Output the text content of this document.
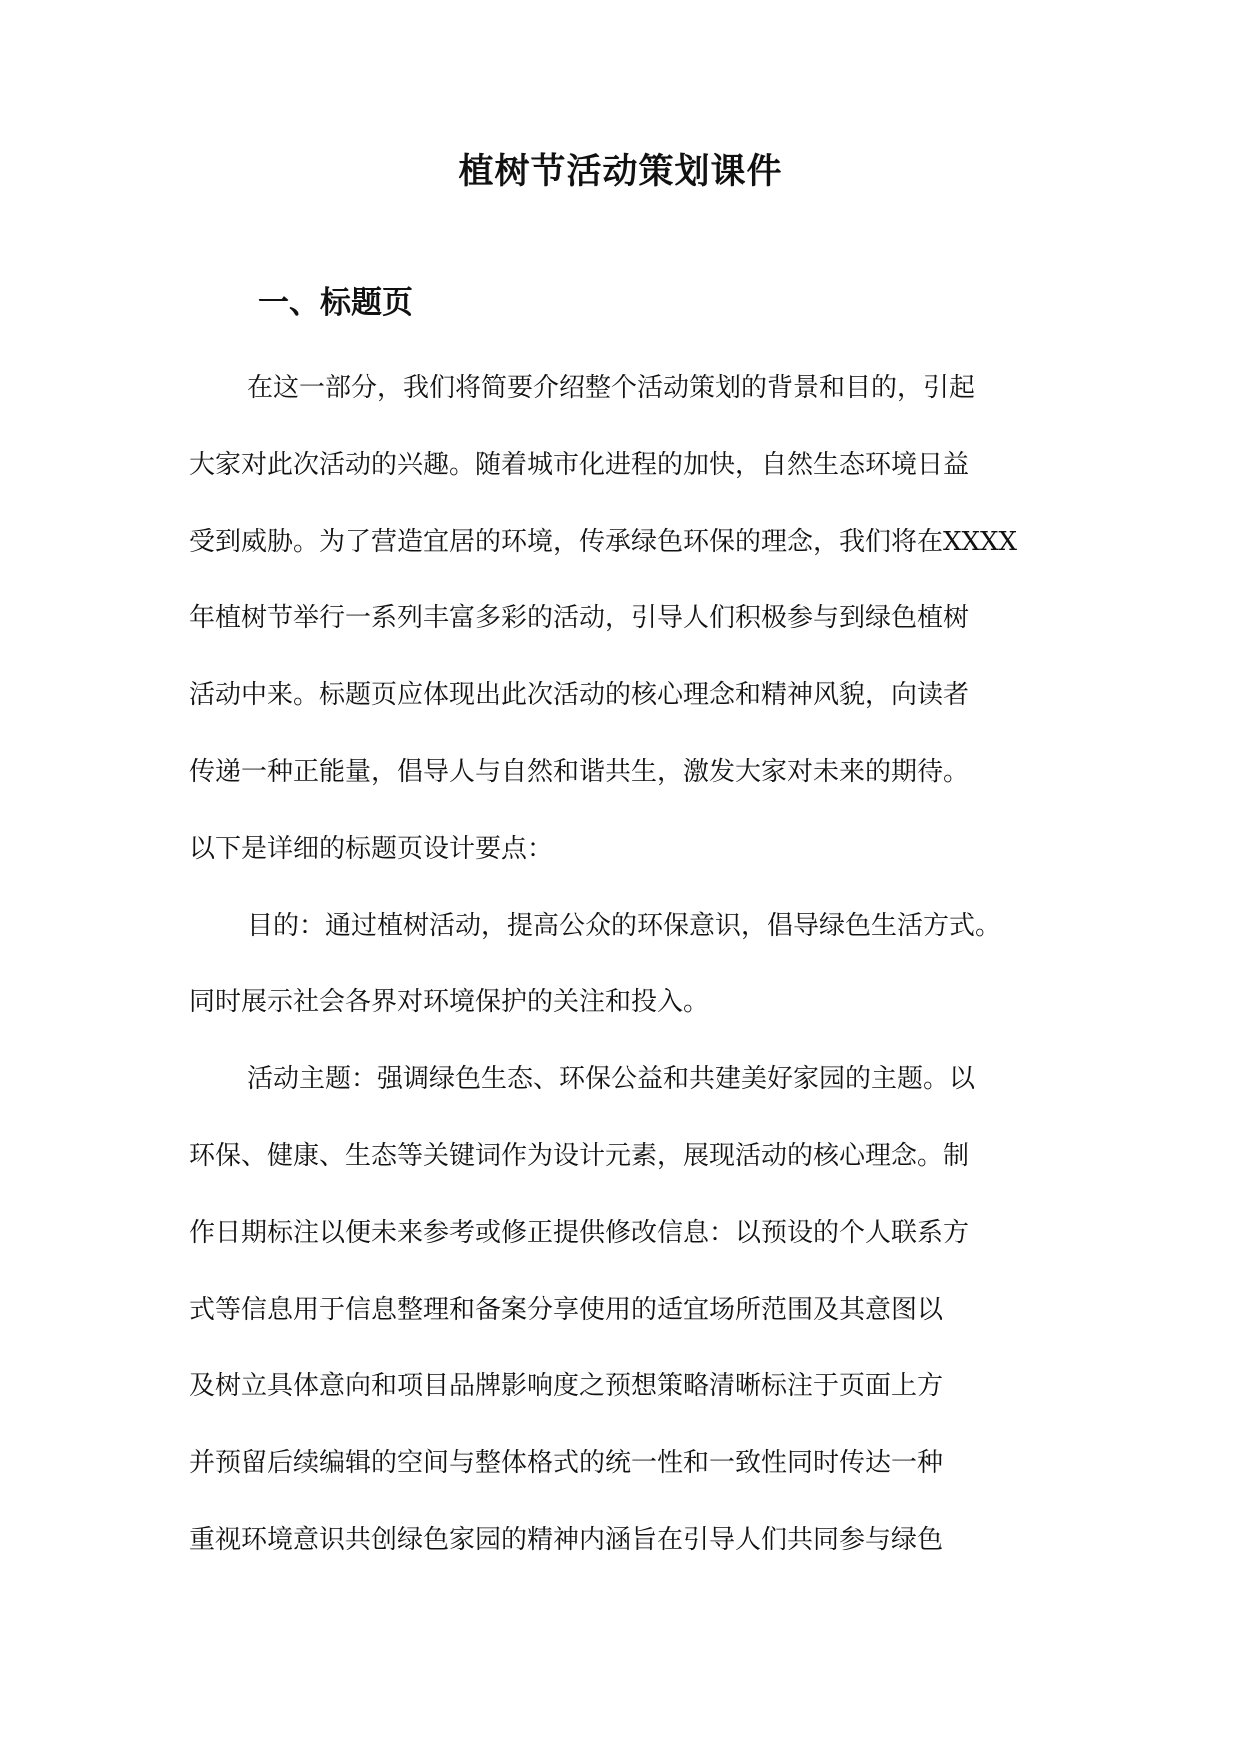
植树节活动策划课件
一、标题页

在这一部分，我们将简要介绍整个活动策划的背景和目的，引起
大家对此次活动的兴趣。随着城市化进程的加快，自然生态环境日益
受到威胁。为了营造宜居的环境，传承绿色环保的理念，我们将在XXXX
年植树节举行一系列丰富多彩的活动，引导人们积极参与到绿色植树
活动中来。标题页应体现出此次活动的核心理念和精神风貌，向读者
传递一种正能量，倡导人与自然和谐共生，激发大家对未来的期待。
以下是详细的标题页设计要点：

目的：通过植树活动，提高公众的环保意识，倡导绿色生活方式。
同时展示社会各界对环境保护的关注和投入。

活动主题：强调绿色生态、环保公益和共建美好家园的主题。以
环保、健康、生态等关键词作为设计元素，展现活动的核心理念。制
作日期标注以便未来参考或修正提供修改信息：以预设的个人联系方
式等信息用于信息整理和备案分享使用的适宜场所范围及其意图以
及树立具体意向和项目品牌影响度之预想策略清晰标注于页面上方
并预留后续编辑的空间与整体格式的统一性和一致性同时传达一种
重视环境意识共创绿色家园的精神内涵旨在引导人们共同参与绿色
